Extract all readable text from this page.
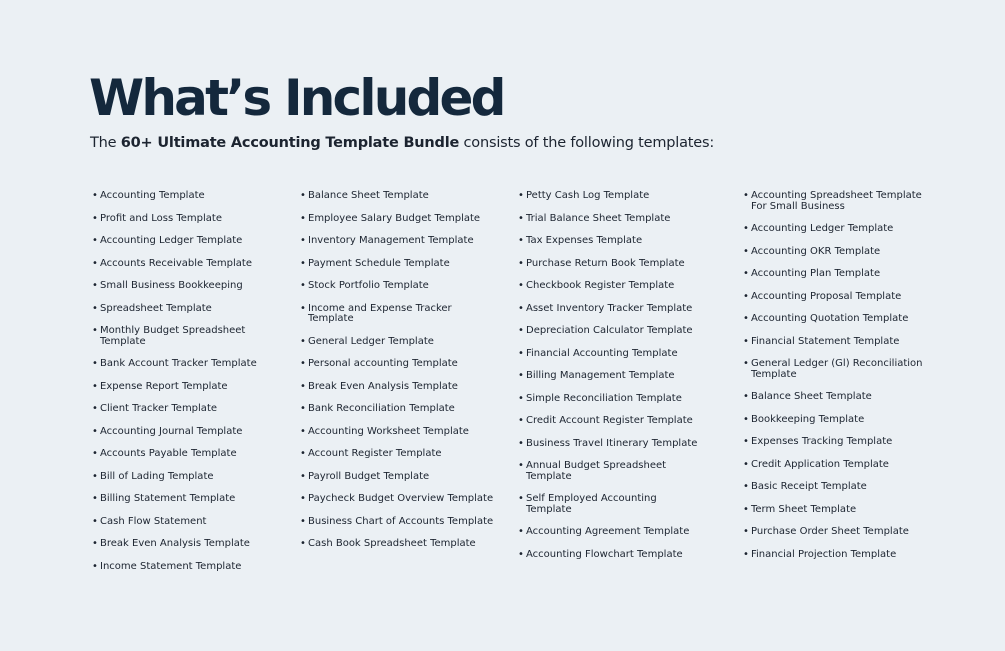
What’s Included

The 60+ Ultimate Accounting Template Bundle consists of the following templates:

• Accounting Template
• Profit and Loss Template
• Accounting Ledger Template
• Accounts Receivable Template
• Small Business Bookkeeping
• Spreadsheet Template
• Monthly Budget Spreadsheet Template
• Bank Account Tracker Template
• Expense Report Template
• Client Tracker Template
• Accounting Journal Template
• Accounts Payable Template
• Bill of Lading Template
• Billing Statement Template
• Cash Flow Statement
• Break Even Analysis Template
• Income Statement Template
• Balance Sheet Template
• Employee Salary Budget Template
• Inventory Management Template
• Payment Schedule Template
• Stock Portfolio Template
• Income and Expense Tracker Template
• General Ledger Template
• Personal accounting Template
• Break Even Analysis Template
• Bank Reconciliation Template
• Accounting Worksheet Template
• Account Register Template
• Payroll Budget Template
• Paycheck Budget Overview Template
• Business Chart of Accounts Template
• Cash Book Spreadsheet Template
• Petty Cash Log Template
• Trial Balance Sheet Template
• Tax Expenses Template
• Purchase Return Book Template
• Checkbook Register Template
• Asset Inventory Tracker Template
• Depreciation Calculator Template
• Financial Accounting Template
• Billing Management Template
• Simple Reconciliation Template
• Credit Account Register Template
• Business Travel Itinerary Template
• Annual Budget Spreadsheet Template
• Self Employed Accounting Template
• Accounting Agreement Template
• Accounting Flowchart Template
• Accounting Spreadsheet Template For Small Business
• Accounting Ledger Template
• Accounting OKR Template
• Accounting Plan Template
• Accounting Proposal Template
• Accounting Quotation Template
• Financial Statement Template
• General Ledger (Gl) Reconciliation Template
• Balance Sheet Template
• Bookkeeping Template
• Expenses Tracking Template
• Credit Application Template
• Basic Receipt Template
• Term Sheet Template
• Purchase Order Sheet Template
• Financial Projection Template
